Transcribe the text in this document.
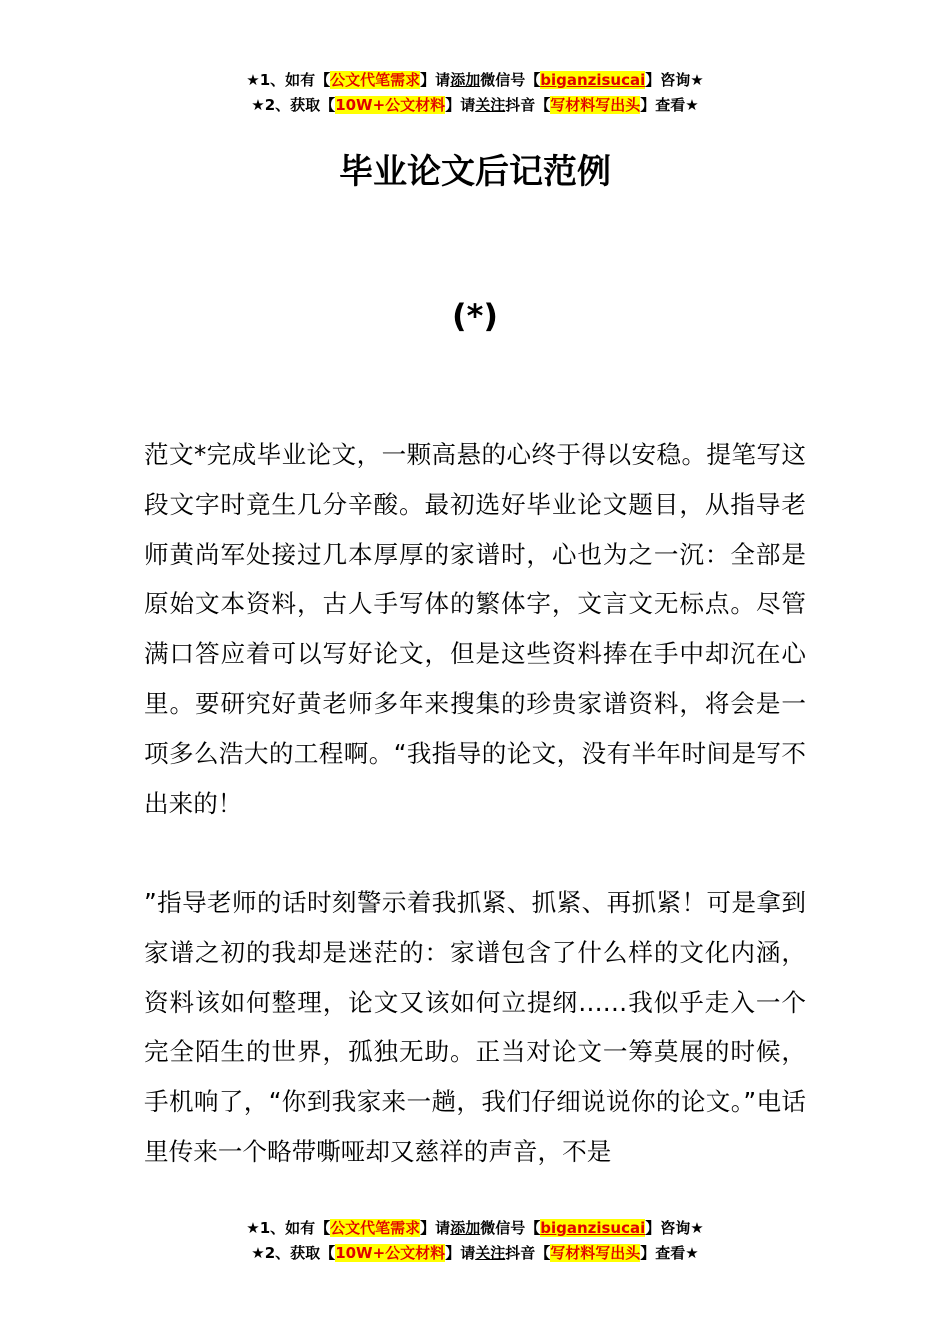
★1、如有【公文代笔需求】请添加微信号【biganzisucai】咨询★
★2、获取【10W+公文材料】请关注抖音【写材料写出头】查看★
毕业论文后记范例
(*)

范文*完成毕业论文，一颗高悬的心终于得以安稳。提笔写这段文字时竟生几分辛酸。最初选好毕业论文题目，从指导老师黄尚军处接过几本厚厚的家谱时，心也为之一沉：全部是原始文本资料，古人手写体的繁体字，文言文无标点。尽管满口答应着可以写好论文，但是这些资料捧在手中却沉在心里。要研究好黄老师多年来搜集的珍贵家谱资料，将会是一项多么浩大的工程啊。“我指导的论文，没有半年时间是写不出来的！

”指导老师的话时刻警示着我抓紧、抓紧、再抓紧！可是拿到家谱之初的我却是迷茫的：家谱包含了什么样的文化内涵，资料该如何整理，论文又该如何立提纲……我似乎走入一个完全陌生的世界，孤独无助。正当对论文一筹莫展的时候，手机响了，“你到我家来一趟，我们仔细说说你的论文。”电话里传来一个略带嘶哑却又慈祥的声音，不是

★1、如有【公文代笔需求】请添加微信号【biganzisucai】咨询★
★2、获取【10W+公文材料】请关注抖音【写材料写出头】查看★
